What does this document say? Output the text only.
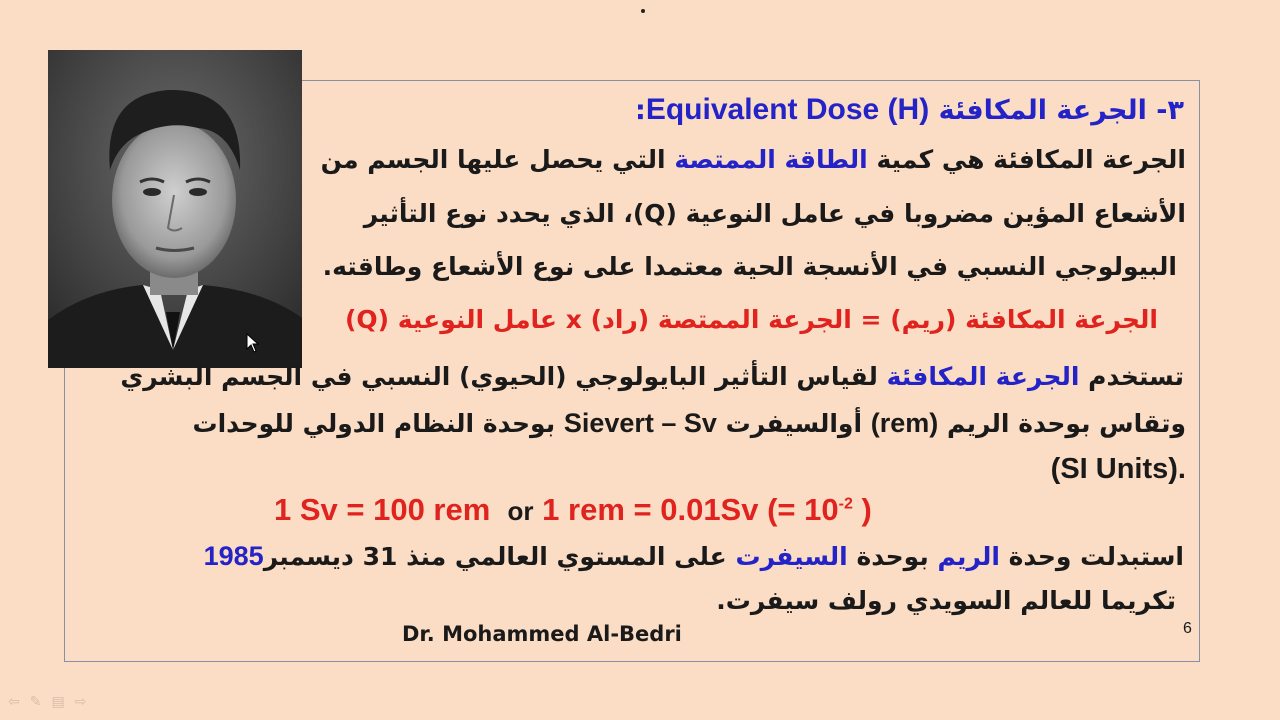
٣- الجرعة المكافئة Equivalent Dose (H):
الجرعة المكافئة هي كمية الطاقة الممتصة التي يحصل عليها الجسم من
الأشعاع المؤين مضروبا في عامل النوعية (Q)، الذي يحدد نوع التأثير
البيولوجي النسبي في الأنسجة الحية معتمدا على نوع الأشعاع وطاقته.
الجرعة المكافئة (ريم) = الجرعة الممتصة (راد) x عامل النوعية (Q)
تستخدم الجرعة المكافئة لقياس التأثير البايولوجي (الحيوي) النسبي في الجسم البشري
وتقاس بوحدة الريم (rem) أوالسيفرت Sievert – Sv بوحدة النظام الدولي للوحدات
(SI Units).
1 Sv = 100 rem or 1 rem = 0.01Sv (= $10^{-2}$ )
استبدلت وحدة الريم بوحدة السيفرت على المستوي العالمي منذ 31 ديسمبر1985
تكريما للعالم السويدي رولف سيفرت.
Dr. Mohammed Al-Bedri	6
⇦ ✎ ▤ ⇨
